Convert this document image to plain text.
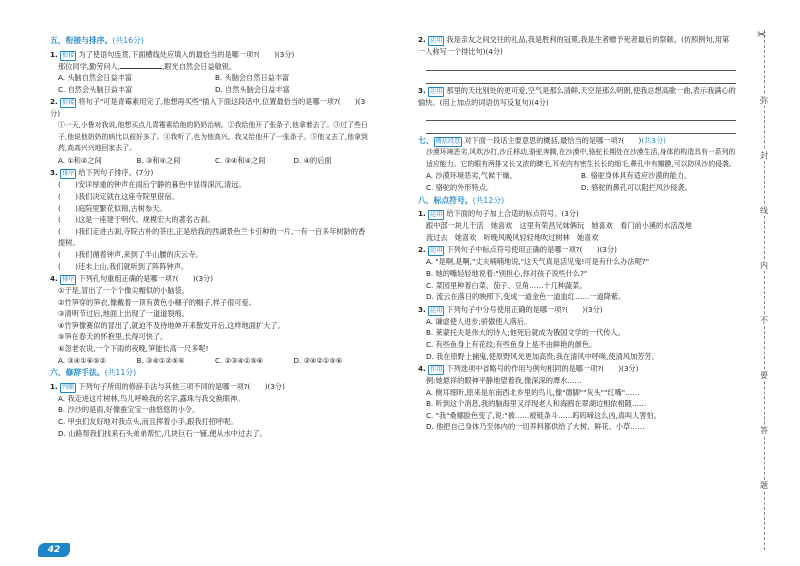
五、衔接与排序。(共16分)
1. 衔接 为了使语句连贯,下面横线处应填入的最恰当的是哪一项?(　　)(3分)
那位同学,勤劳问人,	,眼光自然会日益敏锐。
A. 头脑自然会日益丰富	B. 头脑会自然日益丰富
C. 自然会头脑日益丰富	D. 自然头脑会日益丰富
2. 衔接 将句子"可是青霉素用完了,他想再买些"插入下面这段话中,位置最恰当的是哪一项?(　　)(3分)
①一天,小鲁对我说,他想买点儿青霉素给他的奶奶治病。②我给他开了张条子,他拿着去了。③过了些日子,他说他奶奶的病比以前好多了。④我听了,也为他高兴。我又给他开了一张条子。⑤他又去了,他拿到药,高高兴兴地回家去了。
A. ①和②之间	B. ③和④之间	C. ③④和④之间	D. ④的后面
3. 排序 给下列句子排序。(7分)
(　　)安详厚重的钟声在雨后宁静的暮色中显得深沉,清远。
(　　)我们决定就在这座寺院里借宿。
(　　)庭院里繁花似锦,古树参天。
(　　)这是一座建于明代、规模宏大的著名古刹。
(　　)我们走进古刹,寺院古朴的茶庄,正是给我的西湖景色兰卡引种的一片,一有一百多年树龄的香提树。
(　　)我们循着钟声,来到了半山腰的庆云寺。
(　　)还未上山,我们就听到了阵阵钟声。
4. 排序 下列孔句重组正确的是哪一项?(　　)(3分)
①于是,冒出了一个个像尖帽似的小脑袋。
②竹笋穿的笋衣,像戴着一顶有黄色小穗子的帽子,样子很可爱。
③清明节过后,地面上出现了一道道裂痕。
④竹笋像赛似的冒出了,就迫不及待地伸开来散发开后,这样地面扩大了。
⑤笋在春天的怀抱里,长得可快了。
⑥忽老农说,一个下雨的夜晚,笋能长高一尺多呢!
A. ③④①⑥⑤②	B. ③④①②⑤⑥	C. ②③④①⑤⑥	D. ③④②①⑤⑥
六、修辞手法。(共11分)
1. 判断 下列句子所用的修辞手法与其他三项不同的是哪一项?(　　)(3分)
A. 我走进这片树林,鸟儿呼唤我的名字,露珠与我交换眼神。
B. 沙沙的是雨,好像蚕宝宝一曲悠悠的小令。
C. 甲虫们友好地对我点头,而且挥着小手,跟我打招呼呢。
D. 山路帮我们找来石头弟弟帮忙,几块巨石一铺,便从水中过去了。
2. 运用 我是亲友之间交往的礼品,我是胜利的冠冕,我是生者赠予死者最后的祭献。(仿照例句,用第一人称写一个排比句)(4分)
3. 运用 那里的天比别处的更可爱,空气是那么清鲜,天空是那么明朗,使我总想高歌一曲,表示我满心的愉快。(用上加点的词语仿写反复句)(4分)
七、 概括段意 对下面一段话主要意思的概括,最恰当的是哪一项?(　　)(共3分)
沙漠环境恶劣,风吹沙打,沙丘移动,骆驼奔腾,在沙漠中,骆驼长期处在沙漠生活,身体的构造具有一系列的适应能力。它的眼有两排又长又浓的睫毛,耳壳内有密生长长的细毛,鼻孔中有瓣膜,可以防风沙的侵袭。
A. 沙漠环境恶劣,气候干燥。	B. 骆驼身体具有适应沙漠的能力。
C. 骆驼的外形特点。	D. 骆驼的鼻孔可以阻拦风沙侵袭。
八、标点符号。(共12分)
1. 运用 给下面的句子加上合适的标点符号。(3分)
跟中部一块儿干活　她喜欢　这里有荣昌兄妹俩玩　她喜欢　看门前小溪的水活泼地
流过去　她喜欢　听晚风晚风轻轻地吹过树林　她喜欢
2. 运用 下列句子中标点符号使用正确的是哪一项?(　　)(3分)
A. "是啊,是啊,"丈夫喃喃地说,"这天气真是活见鬼!可是有什么办法呢?"
B. 她的嘴轻轻地说着:"别担心,你对孩子说些什么?"
C. 菜园里种着白菜、茄子、豆角……十几种蔬菜。
D. 流云在落日的映照下,变成一道金色一道血红……一道降紫。
3. 运用 下列句子中分号使用正确的是哪一项?(　　)(3分)
A. 谦虚使人进步;骄傲使人落后。
B. 莱蒙托夫是伟大的诗人;他死后就成为俄国文学的一代传人。
C. 有些鱼身上有花纹;有些鱼身上是不由鲜艳的颜色。
D. 我在原野上捕鬼,使原野风光更加高贵;我在清风中呼唤,使清风加芳芳。
4. 作用 下列选项中省略号的作用与例句相同的是哪一项?(　　)(3分)
例:她悬祥的眼神平静地望着我,像深深的潭水……
A. 侧耳细听,原来是东南西北乡里的鸟儿,像"德脚""灰头""红嘴"……
B. 听到这个消息,我的脑海里又浮现老人和海鸥在翠湖边相依相随……
C. "我"桑娜脸色变了,说:"被……被链条斗……呜呜啼这么凶,真叫人害怕。
D. 他把自己身体乃至体内的一切养料都供给了大树、鲜花、小草……
✂
弥
封
线
内
不
要
答
题
42
